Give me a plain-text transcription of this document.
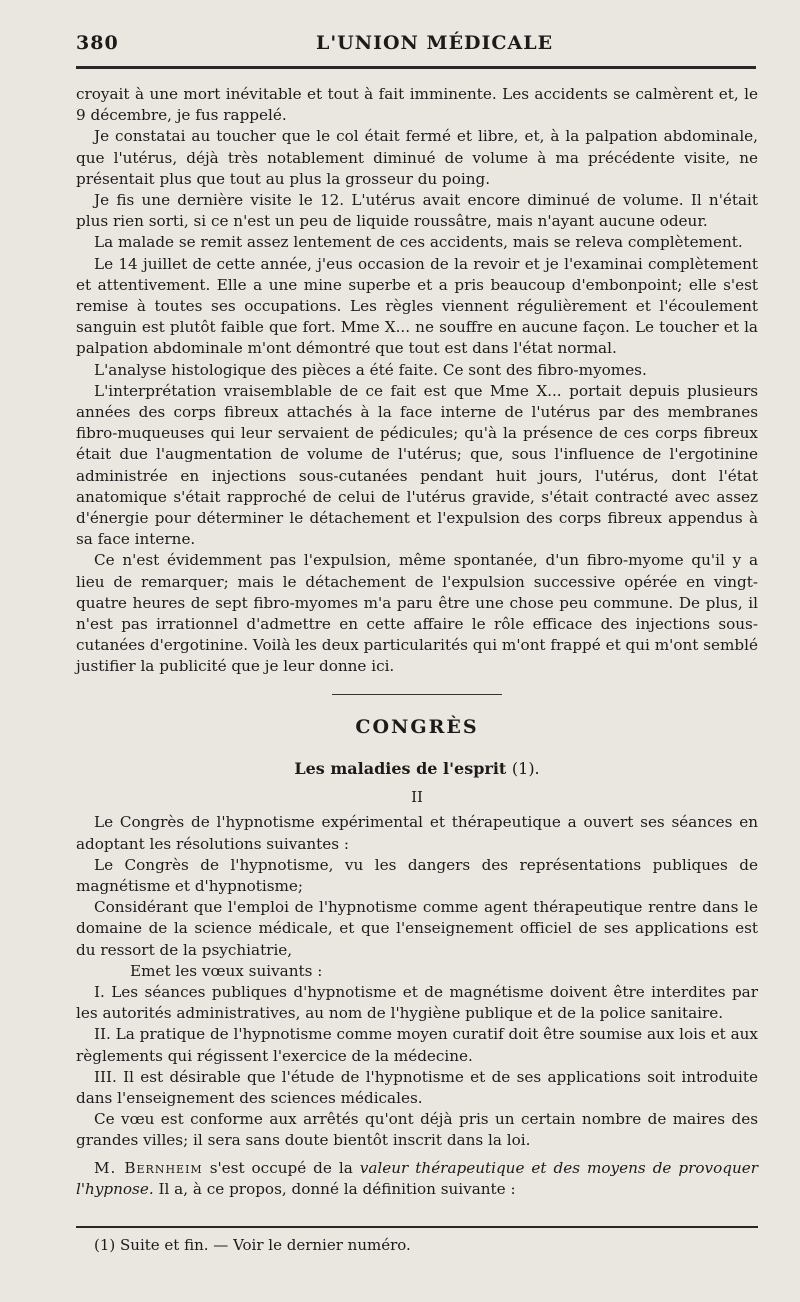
380	L'UNION MÉDICALE

croyait à une mort inévitable et tout à fait imminente. Les accidents se calmèrent et, le 9 décembre, je fus rappelé.

Je constatai au toucher que le col était fermé et libre, et, à la palpation abdominale, que l'utérus, déjà très notablement diminué de volume à ma précédente visite, ne présentait plus que tout au plus la grosseur du poing.

Je fis une dernière visite le 12. L'utérus avait encore diminué de volume. Il n'était plus rien sorti, si ce n'est un peu de liquide roussâtre, mais n'ayant aucune odeur.

La malade se remit assez lentement de ces accidents, mais se releva complètement.

Le 14 juillet de cette année, j'eus occasion de la revoir et je l'examinai complètement et attentivement. Elle a une mine superbe et a pris beaucoup d'embonpoint; elle s'est remise à toutes ses occupations. Les règles viennent régulièrement et l'écoulement sanguin est plutôt faible que fort. Mme X... ne souffre en aucune façon. Le toucher et la palpation abdominale m'ont démontré que tout est dans l'état normal.

L'analyse histologique des pièces a été faite. Ce sont des fibro-myomes.

L'interprétation vraisemblable de ce fait est que Mme X... portait depuis plusieurs années des corps fibreux attachés à la face interne de l'utérus par des membranes fibro-muqueuses qui leur servaient de pédicules; qu'à la présence de ces corps fibreux était due l'augmentation de volume de l'utérus; que, sous l'influence de l'ergotinine administrée en injections sous-cutanées pendant huit jours, l'utérus, dont l'état anatomique s'était rapproché de celui de l'utérus gravide, s'était contracté avec assez d'énergie pour déterminer le détachement et l'expulsion des corps fibreux appendus à sa face interne.

Ce n'est évidemment pas l'expulsion, même spontanée, d'un fibro-myome qu'il y a lieu de remarquer; mais le détachement de l'expulsion successive opérée en vingt-quatre heures de sept fibro-myomes m'a paru être une chose peu commune. De plus, il n'est pas irrationnel d'admettre en cette affaire le rôle efficace des injections sous-cutanées d'ergotinine. Voilà les deux particularités qui m'ont frappé et qui m'ont semblé justifier la publicité que je leur donne ici.

CONGRÈS
Les maladies de l'esprit (1).
II

Le Congrès de l'hypnotisme expérimental et thérapeutique a ouvert ses séances en adoptant les résolutions suivantes :

Le Congrès de l'hypnotisme, vu les dangers des représentations publiques de magnétisme et d'hypnotisme;

Considérant que l'emploi de l'hypnotisme comme agent thérapeutique rentre dans le domaine de la science médicale, et que l'enseignement officiel de ses applications est du ressort de la psychiatrie,

Emet les vœux suivants :

I. Les séances publiques d'hypnotisme et de magnétisme doivent être interdites par les autorités administratives, au nom de l'hygiène publique et de la police sanitaire.

II. La pratique de l'hypnotisme comme moyen curatif doit être soumise aux lois et aux règlements qui régissent l'exercice de la médecine.

III. Il est désirable que l'étude de l'hypnotisme et de ses applications soit introduite dans l'enseignement des sciences médicales.

Ce vœu est conforme aux arrêtés qu'ont déjà pris un certain nombre de maires des grandes villes; il sera sans doute bientôt inscrit dans la loi.

M. Bernheim s'est occupé de la valeur thérapeutique et des moyens de provoquer l'hypnose. Il a, à ce propos, donné la définition suivante :

(1) Suite et fin. — Voir le dernier numéro.
